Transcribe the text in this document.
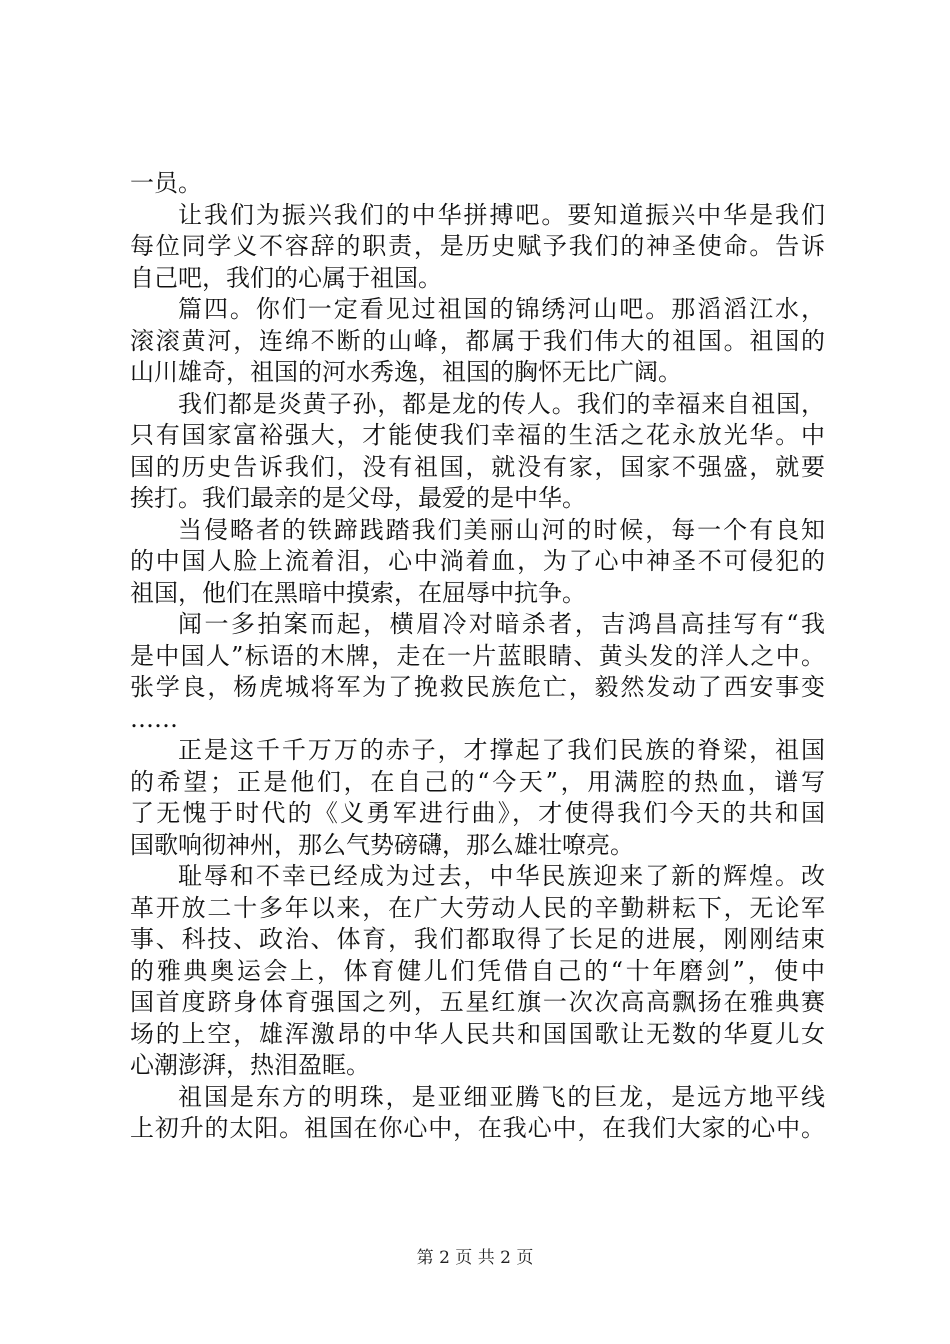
一员。
让我们为振兴我们的中华拼搏吧。要知道振兴中华是我们
每位同学义不容辞的职责，是历史赋予我们的神圣使命。告诉
自己吧，我们的心属于祖国。
篇四。你们一定看见过祖国的锦绣河山吧。那滔滔江水，
滚滚黄河，连绵不断的山峰，都属于我们伟大的祖国。祖国的
山川雄奇，祖国的河水秀逸，祖国的胸怀无比广阔。
我们都是炎黄子孙，都是龙的传人。我们的幸福来自祖国，
只有国家富裕强大，才能使我们幸福的生活之花永放光华。中
国的历史告诉我们，没有祖国，就没有家，国家不强盛，就要
挨打。我们最亲的是父母，最爱的是中华。
当侵略者的铁蹄践踏我们美丽山河的时候，每一个有良知
的中国人脸上流着泪，心中淌着血，为了心中神圣不可侵犯的
祖国，他们在黑暗中摸索，在屈辱中抗争。
闻一多拍案而起，横眉冷对暗杀者，吉鸿昌高挂写有“我
是中国人”标语的木牌，走在一片蓝眼睛、黄头发的洋人之中。
张学良，杨虎城将军为了挽救民族危亡，毅然发动了西安事变
……
正是这千千万万的赤子，才撑起了我们民族的脊梁，祖国
的希望；正是他们，在自己的“今天”，用满腔的热血，谱写
了无愧于时代的《义勇军进行曲》，才使得我们今天的共和国
国歌响彻神州，那么气势磅礴，那么雄壮嘹亮。
耻辱和不幸已经成为过去，中华民族迎来了新的辉煌。改
革开放二十多年以来，在广大劳动人民的辛勤耕耘下，无论军
事、科技、政治、体育，我们都取得了长足的进展，刚刚结束
的雅典奥运会上，体育健儿们凭借自己的“十年磨剑”，使中
国首度跻身体育强国之列，五星红旗一次次高高飘扬在雅典赛
场的上空，雄浑激昂的中华人民共和国国歌让无数的华夏儿女
心潮澎湃，热泪盈眶。
祖国是东方的明珠，是亚细亚腾飞的巨龙，是远方地平线
上初升的太阳。祖国在你心中，在我心中，在我们大家的心中。
第 2 页 共 2 页
